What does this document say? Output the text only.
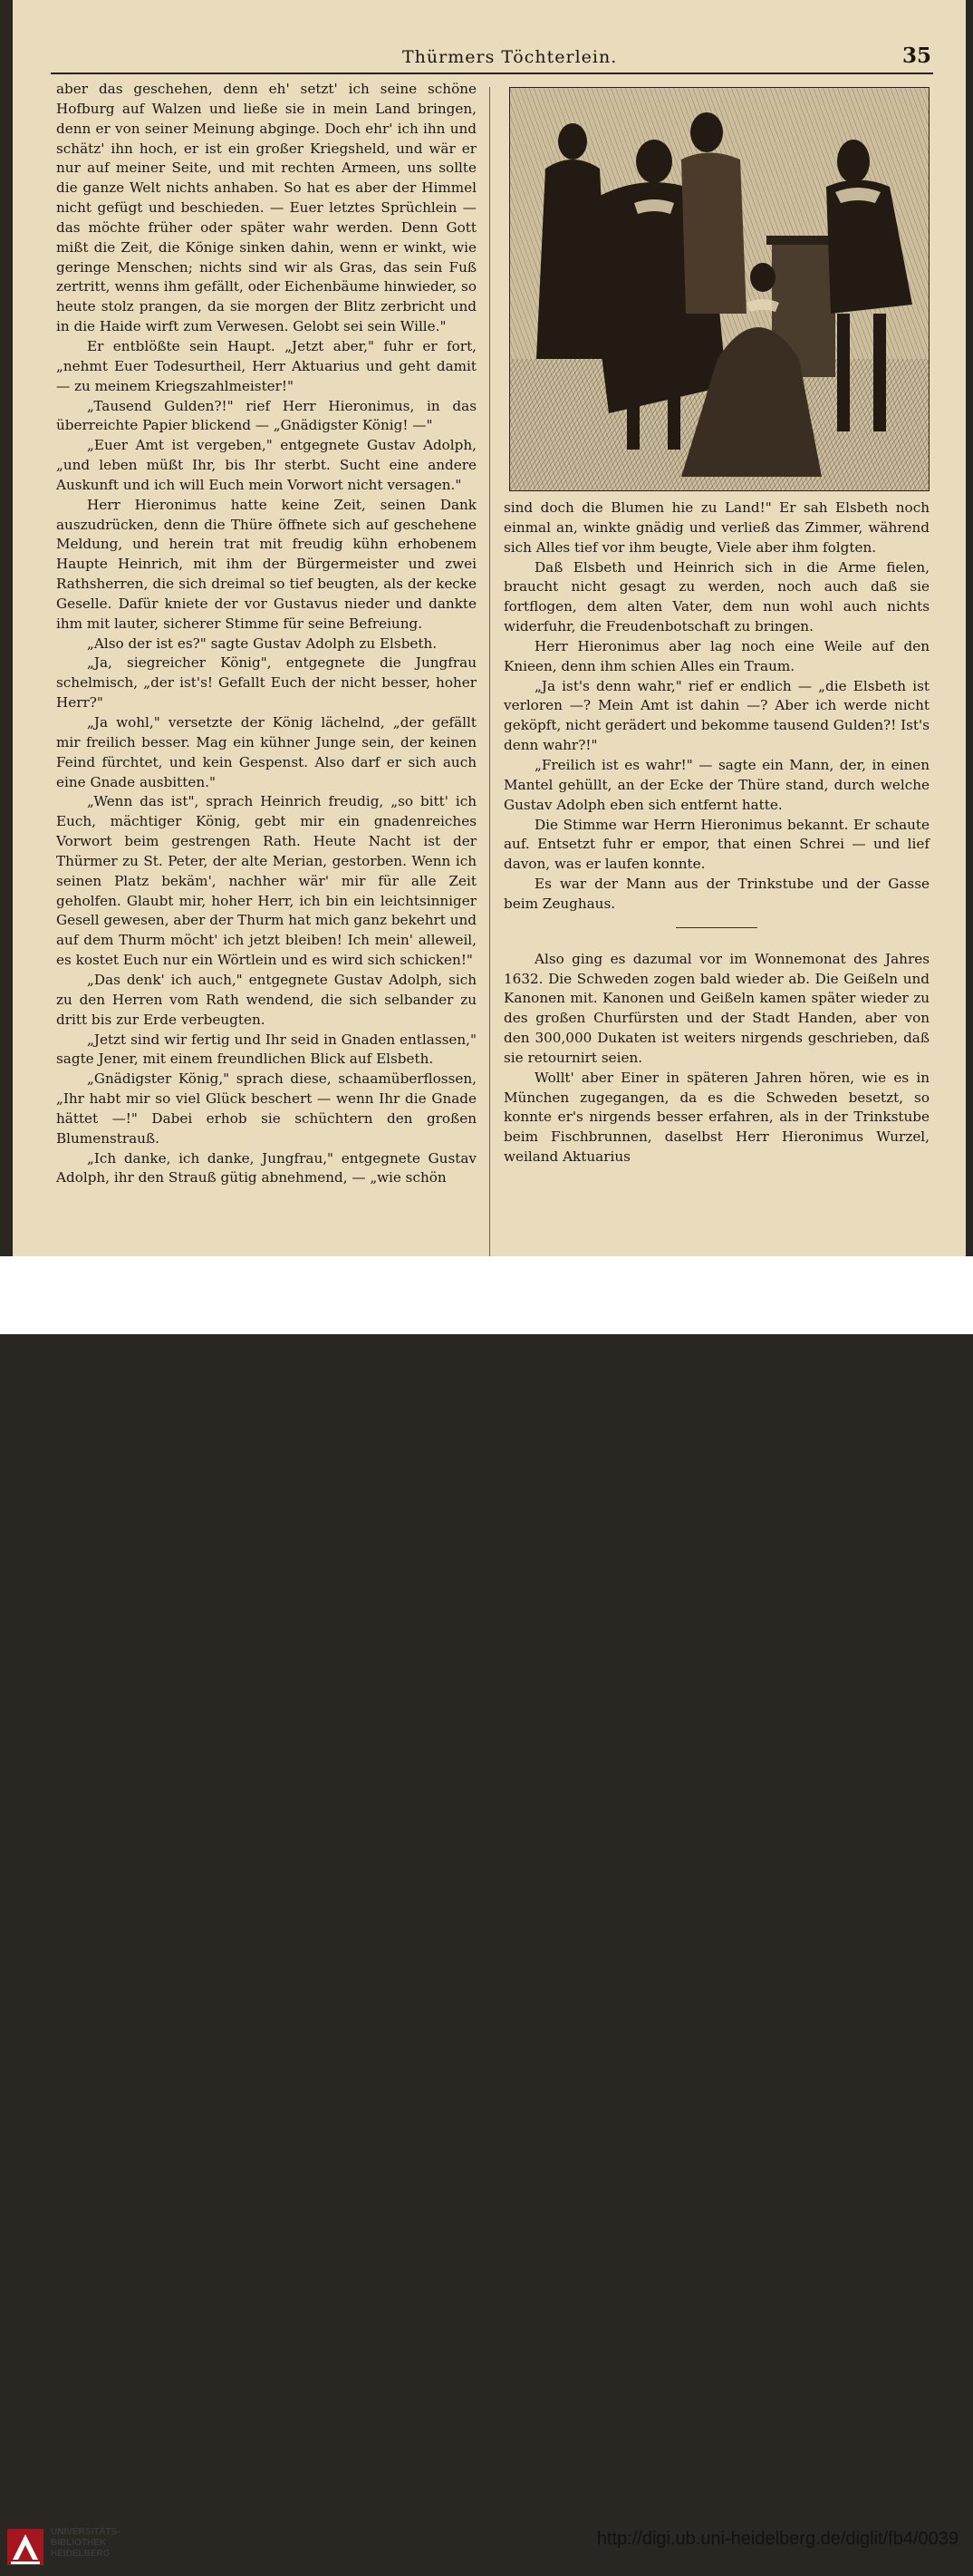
Thürmers Töchterlein.	35

aber das geschehen, denn eh' setzt' ich seine schöne Hofburg auf Walzen und ließe sie in mein Land bringen, denn er von seiner Meinung abginge. Doch ehr' ich ihn und schätz' ihn hoch, er ist ein großer Kriegsheld, und wär er nur auf meiner Seite, und mit rechten Armeen, uns sollte die ganze Welt nichts anhaben. So hat es aber der Himmel nicht gefügt und beschieden. — Euer letztes Sprüchlein — das möchte früher oder später wahr werden. Denn Gott mißt die Zeit, die Könige sinken dahin, wenn er winkt, wie geringe Menschen; nichts sind wir als Gras, das sein Fuß zertritt, wenns ihm gefällt, oder Eichenbäume hinwieder, so heute stolz prangen, da sie morgen der Blitz zerbricht und in die Haide wirft zum Verwesen. Gelobt sei sein Wille."

Er entblößte sein Haupt. „Jetzt aber," fuhr er fort, „nehmt Euer Todesurtheil, Herr Aktuarius und geht damit — zu meinem Kriegszahlmeister!"

„Tausend Gulden?!" rief Herr Hieronimus, in das überreichte Papier blickend — „Gnädigster König! —"

„Euer Amt ist vergeben," entgegnete Gustav Adolph, „und leben müßt Ihr, bis Ihr sterbt. Sucht eine andere Auskunft und ich will Euch mein Vorwort nicht versagen."

Herr Hieronimus hatte keine Zeit, seinen Dank auszudrücken, denn die Thüre öffnete sich auf geschehene Meldung, und herein trat mit freudig kühn erhobenem Haupte Heinrich, mit ihm der Bürgermeister und zwei Rathsherren, die sich dreimal so tief beugten, als der kecke Geselle. Dafür kniete der vor Gustavus nieder und dankte ihm mit lauter, sicherer Stimme für seine Befreiung.

„Also der ist es?" sagte Gustav Adolph zu Elsbeth.

„Ja, siegreicher König", entgegnete die Jungfrau schelmisch, „der ist's! Gefallt Euch der nicht besser, hoher Herr?"

„Ja wohl," versetzte der König lächelnd, „der gefällt mir freilich besser. Mag ein kühner Junge sein, der keinen Feind fürchtet, und kein Gespenst. Also darf er sich auch eine Gnade ausbitten."

„Wenn das ist", sprach Heinrich freudig, „so bitt' ich Euch, mächtiger König, gebt mir ein gnadenreiches Vorwort beim gestrengen Rath. Heute Nacht ist der Thürmer zu St. Peter, der alte Merian, gestorben. Wenn ich seinen Platz bekäm', nachher wär' mir für alle Zeit geholfen. Glaubt mir, hoher Herr, ich bin ein leichtsinniger Gesell gewesen, aber der Thurm hat mich ganz bekehrt und auf dem Thurm möcht' ich jetzt bleiben! Ich mein' alleweil, es kostet Euch nur ein Wörtlein und es wird sich schicken!"

„Das denk' ich auch," entgegnete Gustav Adolph, sich zu den Herren vom Rath wendend, die sich selbander zu dritt bis zur Erde verbeugten.

„Jetzt sind wir fertig und Ihr seid in Gnaden entlassen," sagte Jener, mit einem freundlichen Blick auf Elsbeth.

„Gnädigster König," sprach diese, schaamüberflossen, „Ihr habt mir so viel Glück beschert — wenn Ihr die Gnade hättet —!" Dabei erhob sie schüchtern den großen Blumenstrauß.

„Ich danke, ich danke, Jungfrau," entgegnete Gustav Adolph, ihr den Strauß gütig abnehmend, — „wie schön

sind doch die Blumen hie zu Land!" Er sah Elsbeth noch einmal an, winkte gnädig und verließ das Zimmer, während sich Alles tief vor ihm beugte, Viele aber ihm folgten.

Daß Elsbeth und Heinrich sich in die Arme fielen, braucht nicht gesagt zu werden, noch auch daß sie fortflogen, dem alten Vater, dem nun wohl auch nichts widerfuhr, die Freudenbotschaft zu bringen.

Herr Hieronimus aber lag noch eine Weile auf den Knieen, denn ihm schien Alles ein Traum.

„Ja ist's denn wahr," rief er endlich — „die Elsbeth ist verloren —? Mein Amt ist dahin —? Aber ich werde nicht geköpft, nicht gerädert und bekomme tausend Gulden?! Ist's denn wahr?!"

„Freilich ist es wahr!" — sagte ein Mann, der, in einen Mantel gehüllt, an der Ecke der Thüre stand, durch welche Gustav Adolph eben sich entfernt hatte.

Die Stimme war Herrn Hieronimus bekannt. Er schaute auf. Entsetzt fuhr er empor, that einen Schrei — und lief davon, was er laufen konnte.

Es war der Mann aus der Trinkstube und der Gasse beim Zeughaus.

Also ging es dazumal vor im Wonnemonat des Jahres 1632. Die Schweden zogen bald wieder ab. Die Geißeln und Kanonen mit. Kanonen und Geißeln kamen später wieder zu des großen Churfürsten und der Stadt Handen, aber von den 300,000 Dukaten ist weiters nirgends geschrieben, daß sie retournirt seien.

Wollt' aber Einer in späteren Jahren hören, wie es in München zugegangen, da es die Schweden besetzt, so konnte er's nirgends besser erfahren, als in der Trinkstube beim Fischbrunnen, daselbst Herr Hieronimus Wurzel, weiland Aktuarius

UNIVERSITÄTS-
BIBLIOTHEK
HEIDELBERG
http://digi.ub.uni-heidelberg.de/diglit/fb4/0039
